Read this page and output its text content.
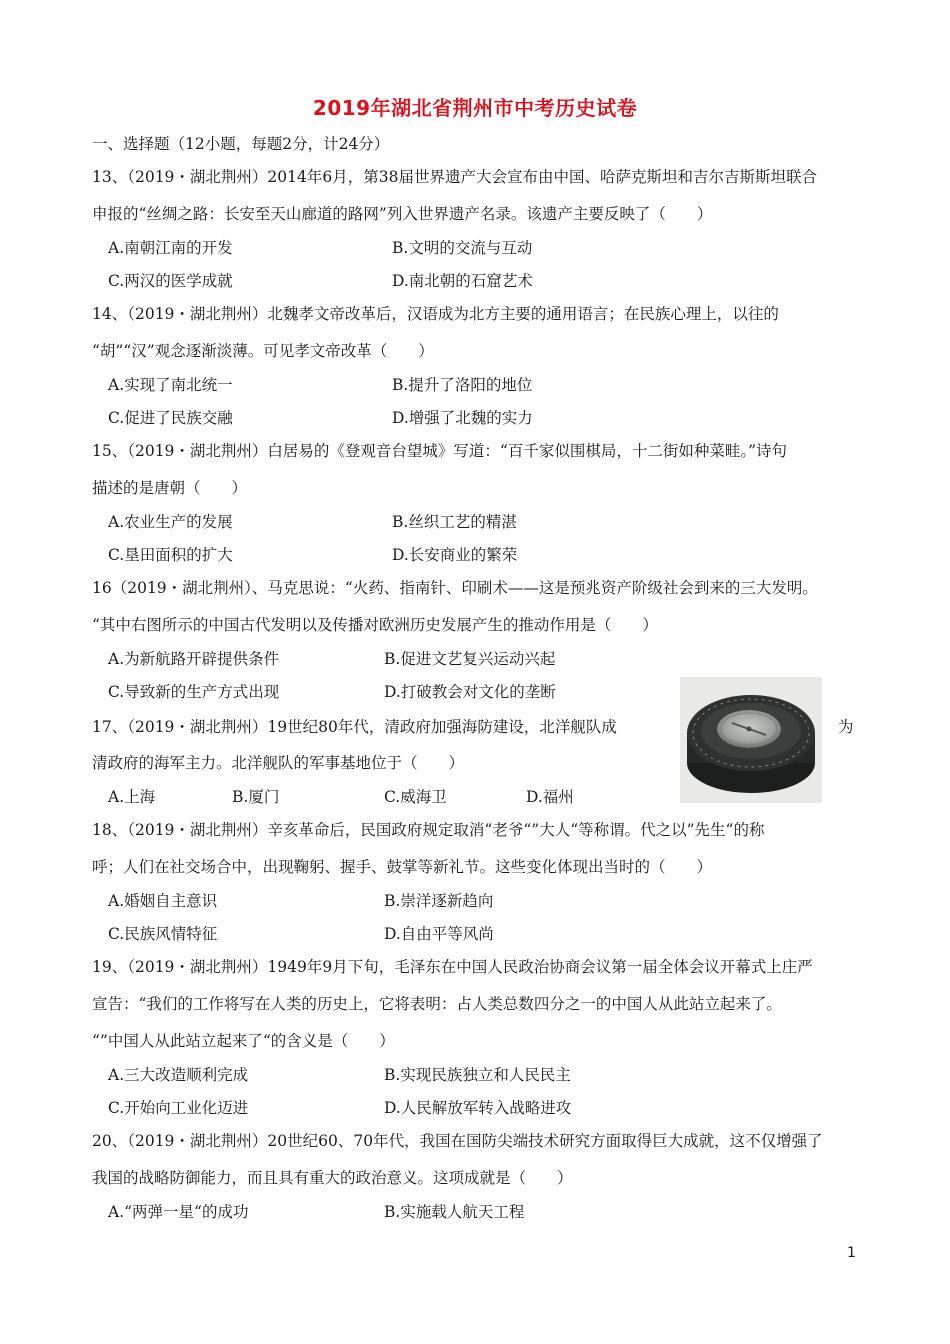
2019年湖北省荆州市中考历史试卷
一、选择题（12小题，每题2分，计24分）
13、（2019・湖北荆州）2014年6月，第38届世界遗产大会宣布由中国、哈萨克斯坦和吉尔吉斯斯坦联合
申报的“丝绸之路：长安至天山廊道的路网”列入世界遗产名录。该遗产主要反映了（　　）
A.南朝江南的开发	B.文明的交流与互动
C.两汉的医学成就	D.南北朝的石窟艺术
14、（2019・湖北荆州）北魏孝文帝改革后，汉语成为北方主要的通用语言；在民族心理上，以往的
“胡”“汉”观念逐渐淡薄。可见孝文帝改革（　　）
A.实现了南北统一	B.提升了洛阳的地位
C.促进了民族交融	D.增强了北魏的实力
15、（2019・湖北荆州）白居易的《登观音台望城》写道：“百千家似围棋局，十二街如种菜畦。”诗句
描述的是唐朝（　　）
A.农业生产的发展	B.丝织工艺的精湛
C.垦田面积的扩大	D.长安商业的繁荣
16（2019・湖北荆州）、马克思说：“火药、指南针、印刷术——这是预兆资产阶级社会到来的三大发明。
“其中右图所示的中国古代发明以及传播对欧洲历史发展产生的推动作用是（　　）
A.为新航路开辟提供条件	B.促进文艺复兴运动兴起
C.导致新的生产方式出现	D.打破教会对文化的垄断
17、（2019・湖北荆州）19世纪80年代，清政府加强海防建设，北洋舰队成	为
清政府的海军主力。北洋舰队的军事基地位于（　　）
A.上海	B.厦门	C.威海卫	D.福州
18、（2019・湖北荆州）辛亥革命后，民国政府规定取消“老爷“”大人“等称谓。代之以”先生“的称
呼；人们在社交场合中，出现鞠躬、握手、鼓掌等新礼节。这些变化体现出当时的（　　）
A.婚姻自主意识	B.崇洋逐新趋向
C.民族风情特征	D.自由平等风尚
19、（2019・湖北荆州）1949年9月下旬，毛泽东在中国人民政治协商会议第一届全体会议开幕式上庄严
宣告：“我们的工作将写在人类的历史上，它将表明：占人类总数四分之一的中国人从此站立起来了。
“”中国人从此站立起来了“的含义是（　　）
A.三大改造顺利完成	B.实现民族独立和人民民主
C.开始向工业化迈进	D.人民解放军转入战略进攻
20、（2019・湖北荆州）20世纪60、70年代，我国在国防尖端技术研究方面取得巨大成就，这不仅增强了
我国的战略防御能力，而且具有重大的政治意义。这项成就是（　　）
A.“两弹一星“的成功	B.实施载人航天工程
1
